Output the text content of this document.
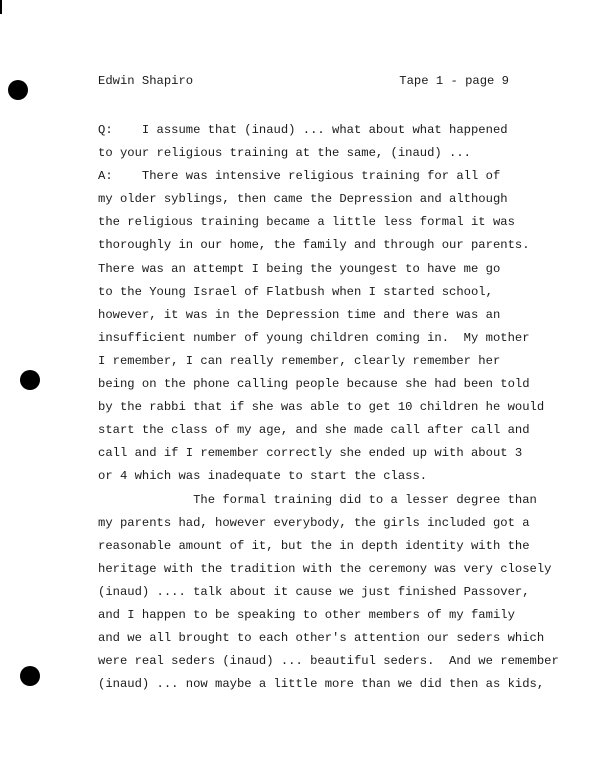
Edwin Shapiro	Tape 1 - page 9
Q:    I assume that (inaud) ... what about what happened
to your religious training at the same, (inaud) ...
A:    There was intensive religious training for all of
my older syblings, then came the Depression and although
the religious training became a little less formal it was
thoroughly in our home, the family and through our parents.
There was an attempt I being the youngest to have me go
to the Young Israel of Flatbush when I started school,
however, it was in the Depression time and there was an
insufficient number of young children coming in.  My mother
I remember, I can really remember, clearly remember her
being on the phone calling people because she had been told
by the rabbi that if she was able to get 10 children he would
start the class of my age, and she made call after call and
call and if I remember correctly she ended up with about 3
or 4 which was inadequate to start the class.
The formal training did to a lesser degree than
my parents had, however everybody, the girls included got a
reasonable amount of it, but the in depth identity with the
heritage with the tradition with the ceremony was very closely
(inaud) .... talk about it cause we just finished Passover,
and I happen to be speaking to other members of my family
and we all brought to each other's attention our seders which
were real seders (inaud) ... beautiful seders.  And we remember
(inaud) ... now maybe a little more than we did then as kids,
